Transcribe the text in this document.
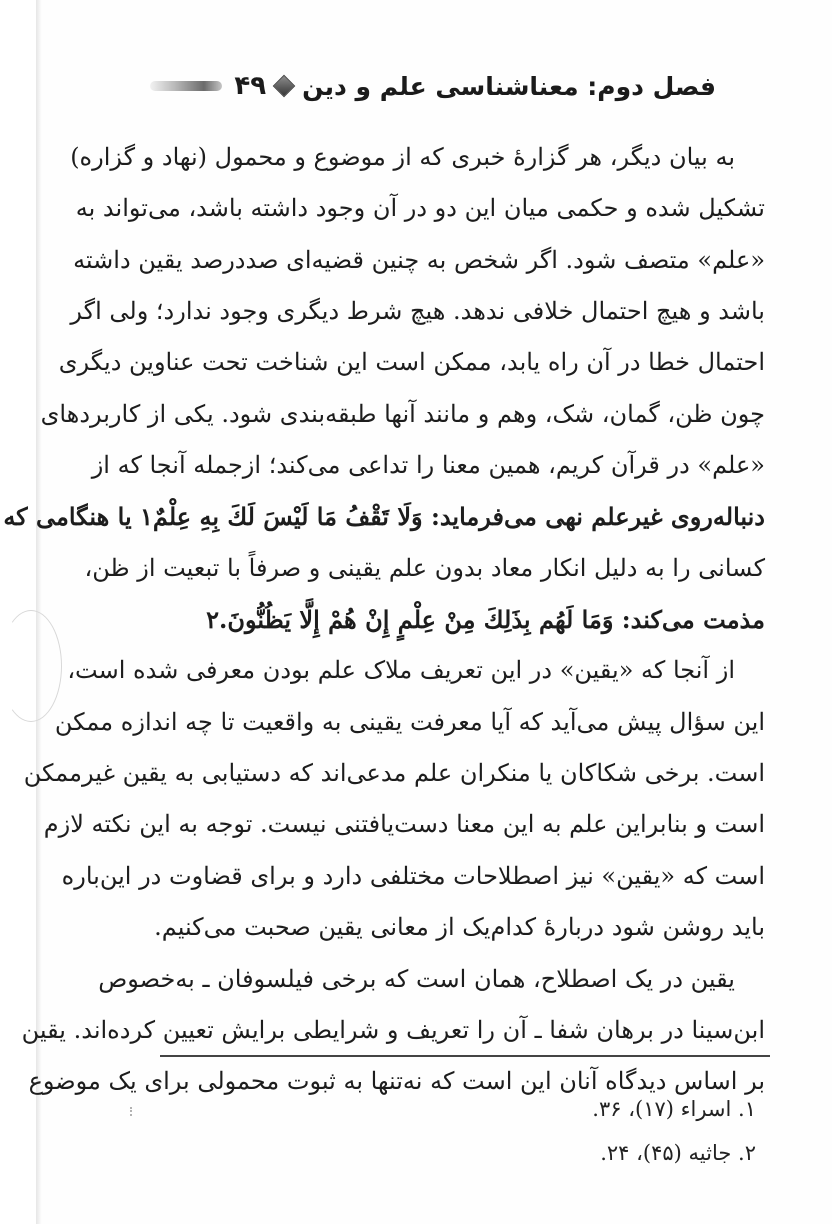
فصل دوم: معناشناسی علم و دین
۴۹
به بیان دیگر، هر گزارهٔ خبری که از موضوع و محمول (نهاد و گزاره)
تشکیل شده و حکمی میان این دو در آن وجود داشته باشد، می‌تواند به
«علم» متصف شود. اگر شخص به چنین قضیه‌ای صددرصد یقین داشته
باشد و هیچ احتمال خلافی ندهد. هیچ شرط دیگری وجود ندارد؛ ولی اگر
احتمال خطا در آن راه یابد، ممکن است این شناخت تحت عناوین دیگری
چون ظن، گمان، شک، وهم و مانند آنها طبقه‌بندی شود. یکی از کاربردهای
«علم» در قرآن کریم، همین معنا را تداعی می‌کند؛ ازجمله آنجا که از
دنباله‌روی غیرعلم نهی می‌فرماید: وَلَا تَقْفُ مَا لَيْسَ لَكَ بِهِ عِلْمٌ۱ یا هنگامی که
کسانی را به دلیل انکار معاد بدون علم یقینی و صرفاً با تبعیت از ظن،
مذمت می‌کند: وَمَا لَهُم بِذَلِكَ مِنْ عِلْمٍ إِنْ هُمْ إِلَّا يَظُنُّونَ.۲
از آنجا که «یقین» در این تعریف ملاک علم بودن معرفی شده است،
این سؤال پیش می‌آید که آیا معرفت یقینی به واقعیت تا چه اندازه ممکن
است. برخی شکاکان یا منکران علم مدعی‌اند که دستیابی به یقین غیرممکن
است و بنابراین علم به این معنا دست‌یافتنی نیست. توجه به این نکته لازم
است که «یقین» نیز اصطلاحات مختلفی دارد و برای قضاوت در این‌باره
باید روشن شود دربارهٔ کدام‌یک از معانی یقین صحبت می‌کنیم.
یقین در یک اصطلاح، همان است که برخی فیلسوفان ـ به‌خصوص
ابن‌سینا در برهان شفا ـ آن را تعریف و شرایطی برایش تعیین کرده‌اند. یقین
بر اساس دیدگاه آنان این است که نه‌تنها به ثبوت محمولی برای یک موضوع
۱. اسراء (۱۷)، ۳۶.
۲. جاثیه (۴۵)، ۲۴.
